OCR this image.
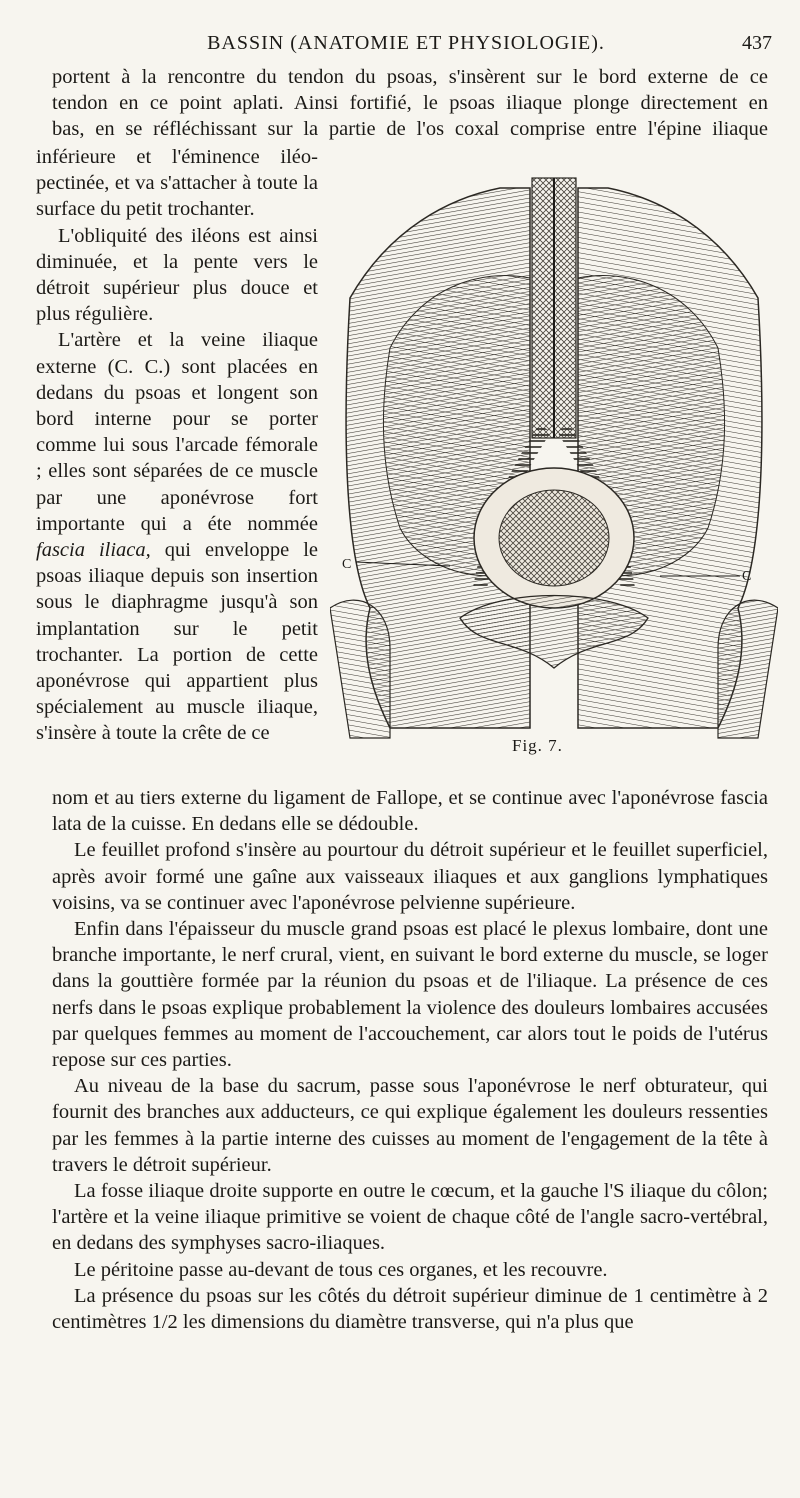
BASSIN (ANATOMIE ET PHYSIOLOGIE).	437

portent à la rencontre du tendon du psoas, s'insèrent sur le bord externe de ce

tendon en ce point aplati. Ainsi fortifié, le psoas iliaque plonge directement en

bas, en se réfléchissant sur la partie de l'os coxal comprise entre l'épine iliaque

inférieure et l'éminence iléo-pectinée, et va s'attacher à toute la surface du petit trochanter.

L'obliquité des iléons est ainsi diminuée, et la pente vers le détroit supérieur plus douce et plus régulière.

L'artère et la veine iliaque externe (C. C.) sont placées en dedans du psoas et longent son bord interne pour se porter comme lui sous l'arcade fémorale ; elles sont séparées de ce muscle par une aponévrose fort importante qui a éte nommée fascia iliaca, qui enveloppe le psoas iliaque depuis son insertion sous le diaphragme jusqu'à son implantation sur le petit trochanter. La portion de cette aponévrose qui appartient plus spécialement au muscle iliaque, s'insère à toute la crête de ce

C
C
Fig. 7.

nom et au tiers externe du ligament de Fallope, et se continue avec l'aponévrose fascia lata de la cuisse. En dedans elle se dédouble.

Le feuillet profond s'insère au pourtour du détroit supérieur et le feuillet superficiel, après avoir formé une gaîne aux vaisseaux iliaques et aux ganglions lymphatiques voisins, va se continuer avec l'aponévrose pelvienne supérieure.

Enfin dans l'épaisseur du muscle grand psoas est placé le plexus lombaire, dont une branche importante, le nerf crural, vient, en suivant le bord externe du muscle, se loger dans la gouttière formée par la réunion du psoas et de l'iliaque. La présence de ces nerfs dans le psoas explique probablement la violence des douleurs lombaires accusées par quelques femmes au moment de l'accouchement, car alors tout le poids de l'utérus repose sur ces parties.

Au niveau de la base du sacrum, passe sous l'aponévrose le nerf obturateur, qui fournit des branches aux adducteurs, ce qui explique également les douleurs ressenties par les femmes à la partie interne des cuisses au moment de l'engagement de la tête à travers le détroit supérieur.

La fosse iliaque droite supporte en outre le cœcum, et la gauche l'S iliaque du côlon; l'artère et la veine iliaque primitive se voient de chaque côté de l'angle sacro-vertébral, en dedans des symphyses sacro-iliaques.

Le péritoine passe au-devant de tous ces organes, et les recouvre.

La présence du psoas sur les côtés du détroit supérieur diminue de 1 centimètre à 2 centimètres 1/2 les dimensions du diamètre transverse, qui n'a plus que
